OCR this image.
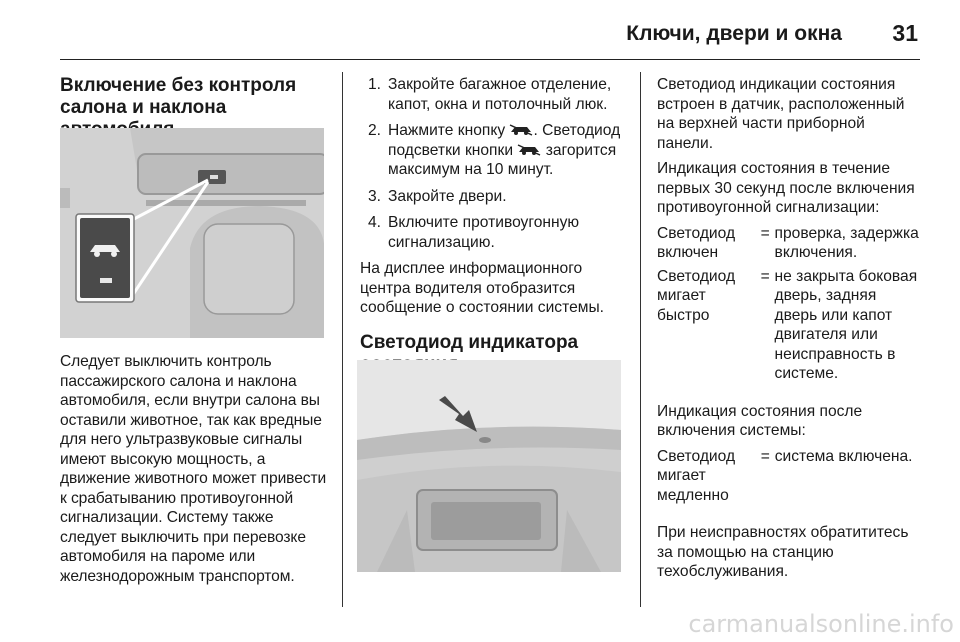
Ключи, двери и окна 31
Включение без контроля салона и наклона

Следует выключить контроль пассажирского салона и наклона автомобиля, если внутри салона вы оставили животное, так как вредные для него ультразвуковые сигналы имеют высокую мощность, а движение животного может привести к срабатыванию противоугонной сигнализации. Систему также следует выключить при перевозке автомобиля на пароме или железнодорожным транспортом.

1. Закройте багажное отделение, капот, окна и потолочный люк.
2. Нажмите кнопку . Светодиод подсветки кнопки загорится максимум на 10 минут.
3. Закройте двери.
4. Включите противоугонную сигнализацию.

На дисплее информационного центра водителя отобразится сообщение о состоянии системы.

Светодиод индикатора

Светодиод индикации состояния встроен в датчик, расположенный на верхней части приборной панели.

Индикация состояния в течение первых 30 секунд после включения противоугонной сигнализации:

Светодиод включен	=	проверка, задержка включения.
Светодиод мигает быстро	=	не закрыта боковая дверь, задняя дверь или капот двигателя или неисправность в системе.

Индикация состояния после включения системы:

Светодиод мигает медленно	=	система включена.

При неисправностях обратититесь за помощью на станцию техобслуживания.

carmanualsonline.info
